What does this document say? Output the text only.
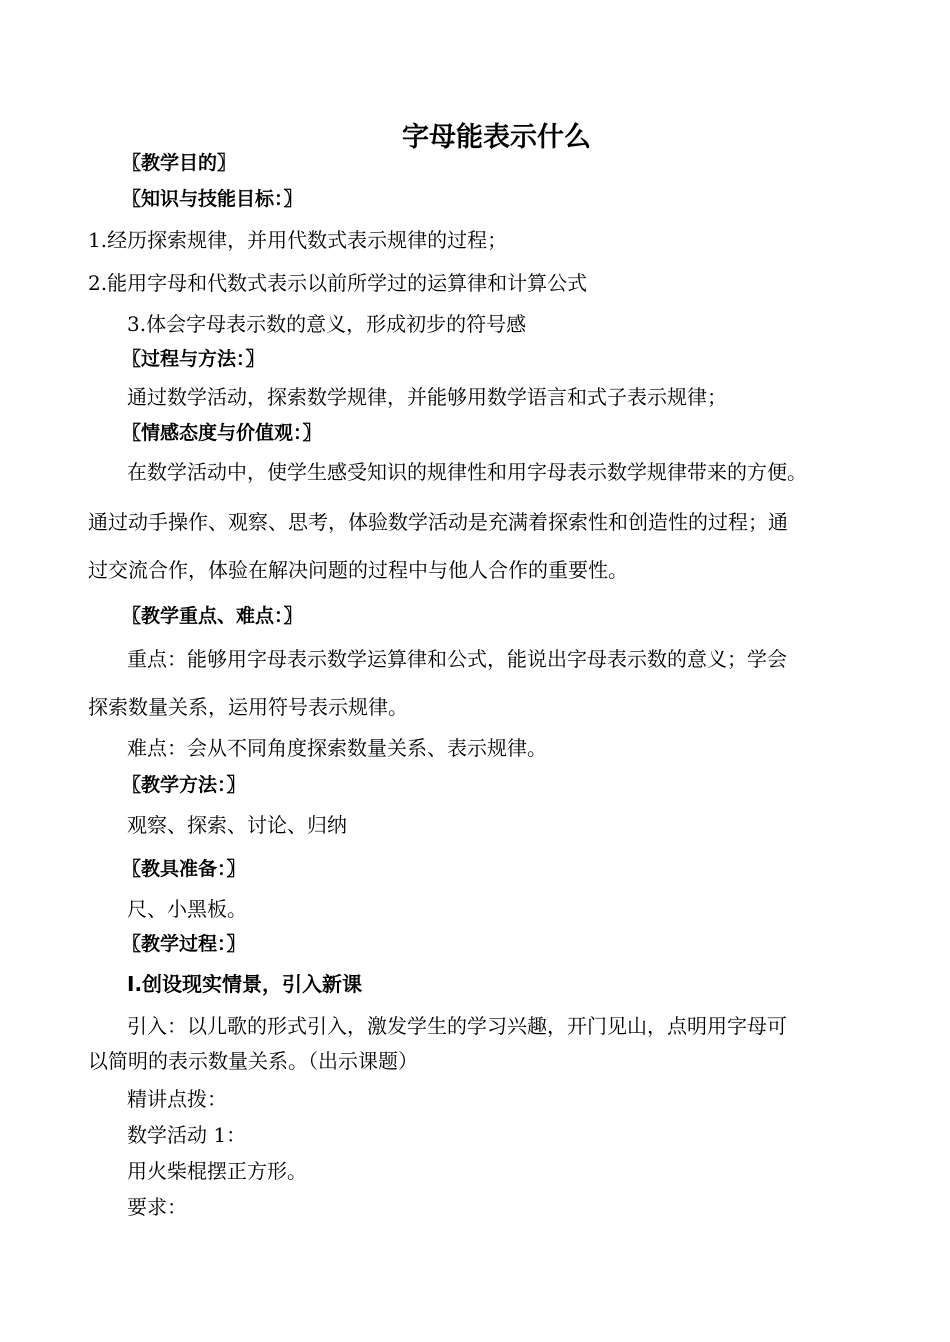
字母能表示什么
〖教学目的〗
〖知识与技能目标：〗
1.经历探索规律，并用代数式表示规律的过程；
2.能用字母和代数式表示以前所学过的运算律和计算公式
3.体会字母表示数的意义，形成初步的符号感
〖过程与方法：〗
通过数学活动，探索数学规律，并能够用数学语言和式子表示规律；
〖情感态度与价值观：〗
在数学活动中，使学生感受知识的规律性和用字母表示数学规律带来的方便。
通过动手操作、观察、思考，体验数学活动是充满着探索性和创造性的过程；通
过交流合作，体验在解决问题的过程中与他人合作的重要性。
〖教学重点、难点：〗
重点：能够用字母表示数学运算律和公式，能说出字母表示数的意义；学会
探索数量关系，运用符号表示规律。
难点：会从不同角度探索数量关系、表示规律。
〖教学方法：〗
观察、探索、讨论、归纳
〖教具准备：〗
尺、小黑板。
〖教学过程：〗
Ⅰ.创设现实情景，引入新课
引入：以儿歌的形式引入，激发学生的学习兴趣，开门见山，点明用字母可
以简明的表示数量关系。（出示课题）
精讲点拨：
数学活动 1：
用火柴棍摆正方形。
要求：
